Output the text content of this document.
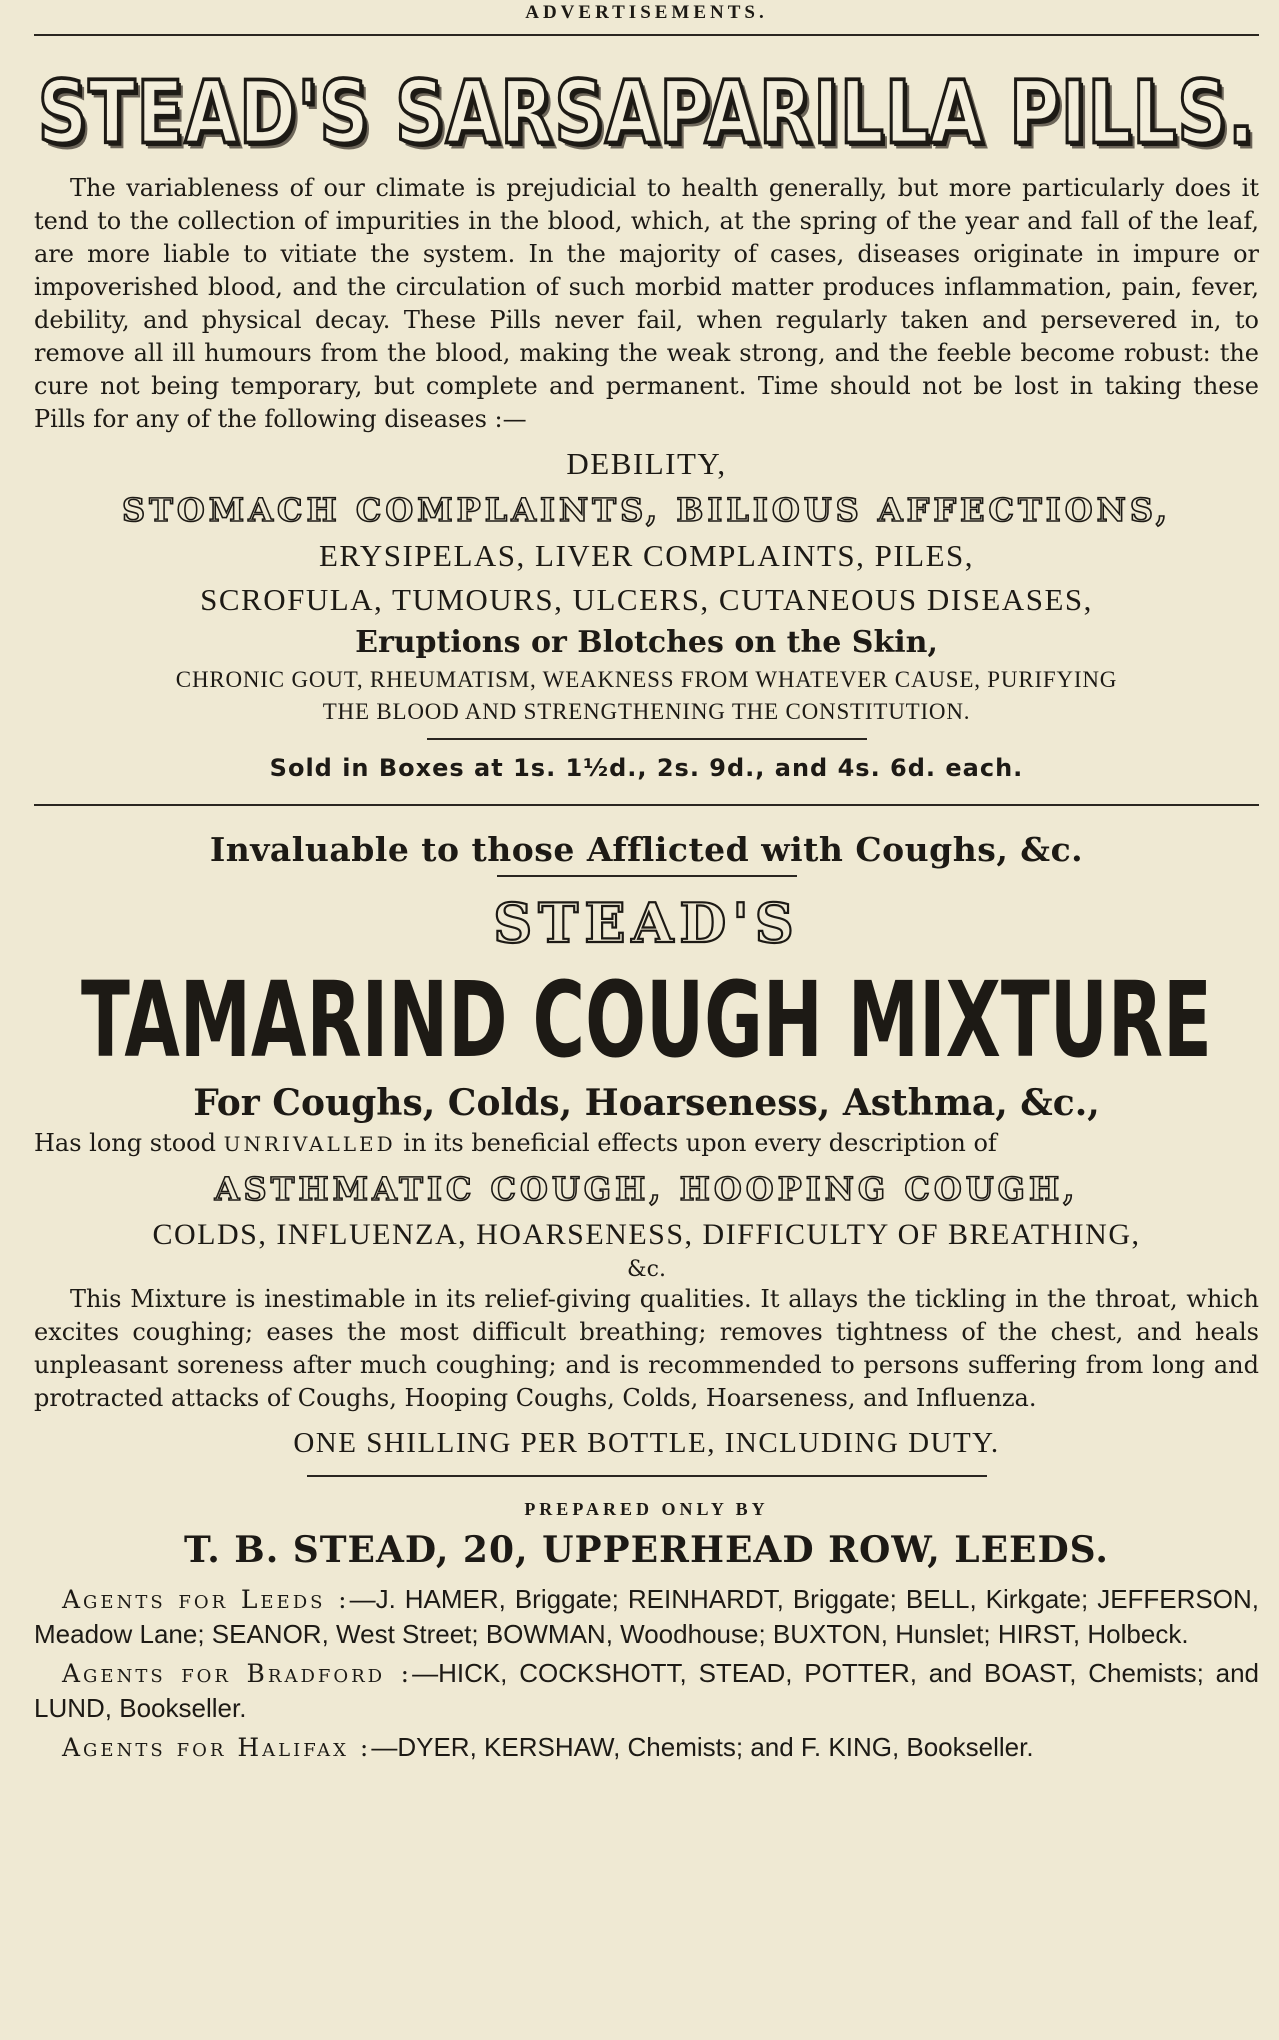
ADVERTISEMENTS.
STEAD'S SARSAPARILLA PILLS.

The variableness of our climate is prejudicial to health generally, but more particularly does it tend to the collection of impurities in the blood, which, at the spring of the year and fall of the leaf, are more liable to vitiate the system. In the majority of cases, diseases originate in impure or impoverished blood, and the circulation of such morbid matter produces inflammation, pain, fever, debility, and physical decay. These Pills never fail, when regularly taken and persevered in, to remove all ill humours from the blood, making the weak strong, and the feeble become robust: the cure not being temporary, but complete and permanent. Time should not be lost in taking these Pills for any of the following diseases :—

DEBILITY,
STOMACH COMPLAINTS, BILIOUS AFFECTIONS,
ERYSIPELAS, LIVER COMPLAINTS, PILES,
SCROFULA, TUMOURS, ULCERS, CUTANEOUS DISEASES,
Eruptions or Blotches on the Skin,
CHRONIC GOUT, RHEUMATISM, WEAKNESS FROM WHATEVER CAUSE, PURIFYING
THE BLOOD AND STRENGTHENING THE CONSTITUTION.
Sold in Boxes at 1s. 1½d., 2s. 9d., and 4s. 6d. each.
Invaluable to those Afflicted with Coughs, &c.
STEAD'S
TAMARIND COUGH MIXTURE
For Coughs, Colds, Hoarseness, Asthma, &c.,

Has long stood UNRIVALLED in its beneficial effects upon every description of

ASTHMATIC COUGH, HOOPING COUGH,
COLDS, INFLUENZA, HOARSENESS, DIFFICULTY OF BREATHING,
&c.

This Mixture is inestimable in its relief-giving qualities. It allays the tickling in the throat, which excites coughing; eases the most difficult breathing; removes tightness of the chest, and heals unpleasant soreness after much coughing; and is recommended to persons suffering from long and protracted attacks of Coughs, Hooping Coughs, Colds, Hoarseness, and Influenza.

ONE SHILLING PER BOTTLE, INCLUDING DUTY.
PREPARED ONLY BY
T. B. STEAD, 20, UPPERHEAD ROW, LEEDS.

Agents for Leeds :—J. HAMER, Briggate; REINHARDT, Briggate; BELL, Kirkgate; JEFFERSON, Meadow Lane; SEANOR, West Street; BOWMAN, Woodhouse; BUXTON, Hunslet; HIRST, Holbeck.

Agents for Bradford :—HICK, COCKSHOTT, STEAD, POTTER, and BOAST, Chemists; and LUND, Bookseller.

Agents for Halifax :—DYER, KERSHAW, Chemists; and F. KING, Bookseller.
